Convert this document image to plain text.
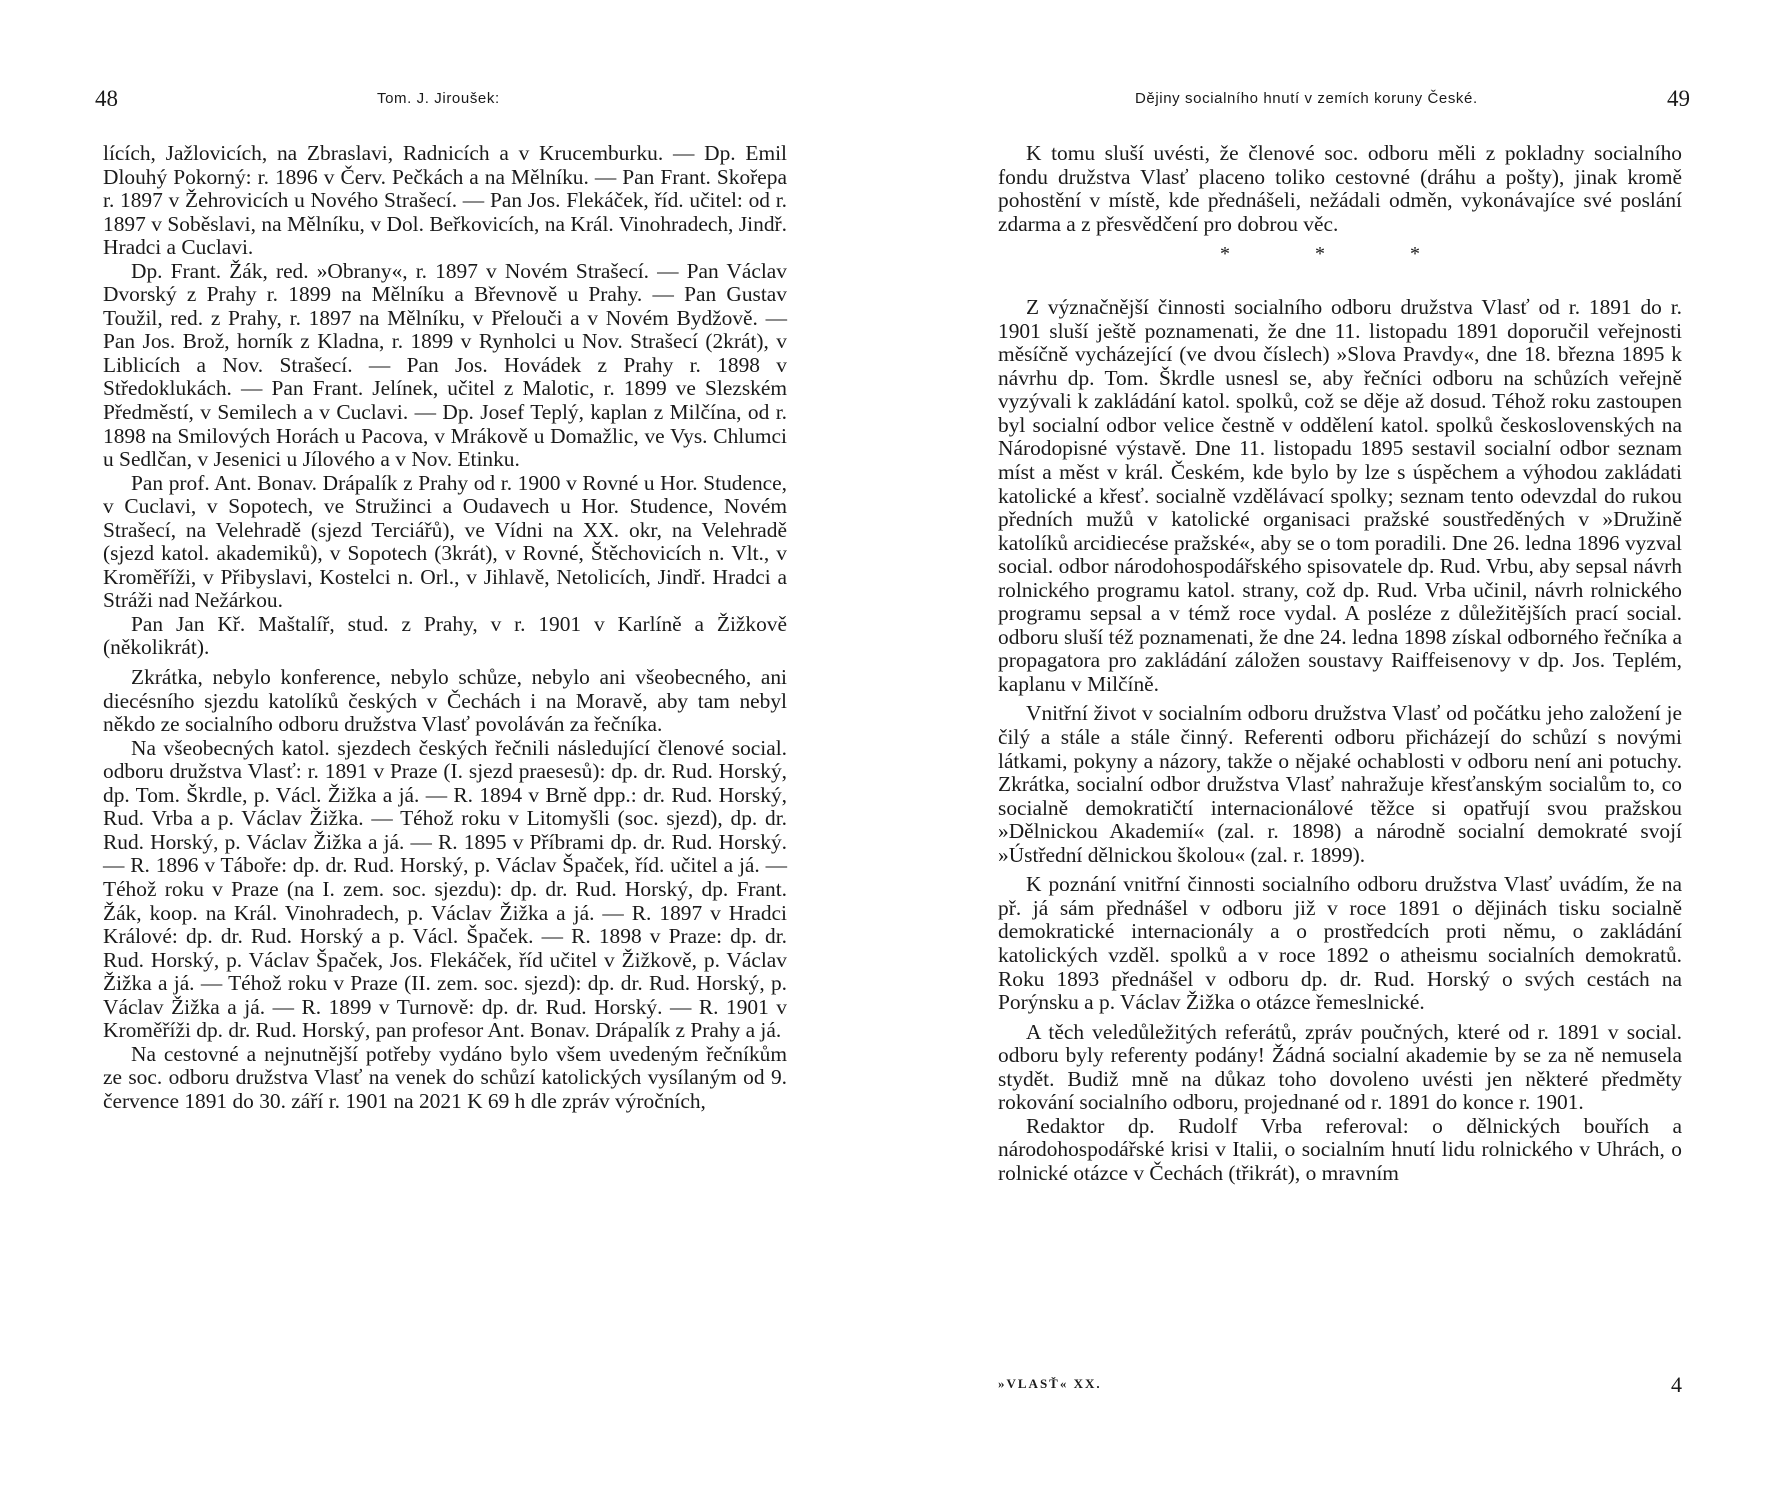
48	Tom. J. Jiroušek:

lících, Jažlovicích, na Zbraslavi, Radnicích a v Krucemburku. — Dp. Emil Dlouhý Pokorný: r. 1896 v Červ. Pečkách a na Mělníku. — Pan Frant. Skořepa r. 1897 v Žehrovicích u Nového Strašecí. — Pan Jos. Flekáček, říd. učitel: od r. 1897 v Soběslavi, na Mělníku, v Dol. Beřkovicích, na Král. Vinohradech, Jindř. Hradci a Cuclavi.

Dp. Frant. Žák, red. »Obrany«, r. 1897 v Novém Strašecí. — Pan Václav Dvorský z Prahy r. 1899 na Mělníku a Břevnově u Prahy. — Pan Gustav Toužil, red. z Prahy, r. 1897 na Mělníku, v Přelouči a v Novém Bydžově. — Pan Jos. Brož, horník z Kladna, r. 1899 v Rynholci u Nov. Strašecí (2krát), v Liblicích a Nov. Strašecí. — Pan Jos. Hovádek z Prahy r. 1898 v Středoklukách. — Pan Frant. Jelínek, učitel z Malotic, r. 1899 ve Slezském Předměstí, v Semilech a v Cuclavi. — Dp. Josef Teplý, kaplan z Milčína, od r. 1898 na Smilových Horách u Pacova, v Mrákově u Domažlic, ve Vys. Chlumci u Sedlčan, v Jesenici u Jílového a v Nov. Etinku.

Pan prof. Ant. Bonav. Drápalík z Prahy od r. 1900 v Rovné u Hor. Studence, v Cuclavi, v Sopotech, ve Stružinci a Oudavech u Hor. Studence, Novém Strašecí, na Velehradě (sjezd Terciářů), ve Vídni na XX. okr, na Velehradě (sjezd katol. akademiků), v Sopotech (3krát), v Rovné, Štěchovicích n. Vlt., v Kroměříži, v Přibyslavi, Kostelci n. Orl., v Jihlavě, Netolicích, Jindř. Hradci a Stráži nad Nežárkou.

Pan Jan Kř. Maštalíř, stud. z Prahy, v r. 1901 v Karlíně a Žižkově (několikrát).

Zkrátka, nebylo konference, nebylo schůze, nebylo ani všeobecného, ani diecésního sjezdu katolíků českých v Čechách i na Moravě, aby tam nebyl někdo ze socialního odboru družstva Vlasť povoláván za řečníka.

Na všeobecných katol. sjezdech českých řečnili následující členové social. odboru družstva Vlasť: r. 1891 v Praze (I. sjezd praesesů): dp. dr. Rud. Horský, dp. Tom. Škrdle, p. Václ. Žižka a já. — R. 1894 v Brně dpp.: dr. Rud. Horský, Rud. Vrba a p. Václav Žižka. — Téhož roku v Litomyšli (soc. sjezd), dp. dr. Rud. Horský, p. Václav Žižka a já. — R. 1895 v Příbrami dp. dr. Rud. Horský. — R. 1896 v Táboře: dp. dr. Rud. Horský, p. Václav Špaček, říd. učitel a já. — Téhož roku v Praze (na I. zem. soc. sjezdu): dp. dr. Rud. Horský, dp. Frant. Žák, koop. na Král. Vinohradech, p. Václav Žižka a já. — R. 1897 v Hradci Králové: dp. dr. Rud. Horský a p. Václ. Špaček. — R. 1898 v Praze: dp. dr. Rud. Horský, p. Václav Špaček, Jos. Flekáček, říd učitel v Žižkově, p. Václav Žižka a já. — Téhož roku v Praze (II. zem. soc. sjezd): dp. dr. Rud. Horský, p. Václav Žižka a já. — R. 1899 v Turnově: dp. dr. Rud. Horský. — R. 1901 v Kroměříži dp. dr. Rud. Horský, pan profesor Ant. Bonav. Drápalík z Prahy a já.

Na cestovné a nejnutnější potřeby vydáno bylo všem uvedeným řečníkům ze soc. odboru družstva Vlasť na venek do schůzí katolických vysílaným od 9. července 1891 do 30. září r. 1901 na 2021 K 69 h dle zpráv výročních,

Dějiny socialního hnutí v zemích koruny České.	49

K tomu sluší uvésti, že členové soc. odboru měli z pokladny socialního fondu družstva Vlasť placeno toliko cestovné (dráhu a pošty), jinak kromě pohostění v místě, kde přednášeli, nežádali odměn, vykonávajíce své poslání zdarma a z přesvědčení pro dobrou věc.

* * *

Z význačnější činnosti socialního odboru družstva Vlasť od r. 1891 do r. 1901 sluší ještě poznamenati, že dne 11. listopadu 1891 doporučil veřejnosti měsíčně vycházející (ve dvou číslech) »Slova Pravdy«, dne 18. března 1895 k návrhu dp. Tom. Škrdle usnesl se, aby řečníci odboru na schůzích veřejně vyzývali k zakládání katol. spolků, což se děje až dosud. Téhož roku zastoupen byl socialní odbor velice čestně v oddělení katol. spolků československých na Národopisné výstavě. Dne 11. listopadu 1895 sestavil socialní odbor seznam míst a měst v král. Českém, kde bylo by lze s úspěchem a výhodou zakládati katolické a křesť. socialně vzdělávací spolky; seznam tento odevzdal do rukou předních mužů v katolické organisaci pražské soustředěných v »Družině katolíků arcidiecése pražské«, aby se o tom poradili. Dne 26. ledna 1896 vyzval social. odbor národohospodářského spisovatele dp. Rud. Vrbu, aby sepsal návrh rolnického programu katol. strany, což dp. Rud. Vrba učinil, návrh rolnického programu sepsal a v témž roce vydal. A posléze z důležitějších prací social. odboru sluší též poznamenati, že dne 24. ledna 1898 získal odborného řečníka a propagatora pro zakládání záložen soustavy Raiffeisenovy v dp. Jos. Teplém, kaplanu v Milčíně.

Vnitřní život v socialním odboru družstva Vlasť od počátku jeho založení je čilý a stále a stále činný. Referenti odboru přicházejí do schůzí s novými látkami, pokyny a názory, takže o nějaké ochablosti v odboru není ani potuchy. Zkrátka, socialní odbor družstva Vlasť nahražuje křesťanským socialům to, co socialně demokratičtí internacionálové těžce si opatřují svou pražskou »Dělnickou Akademií« (zal. r. 1898) a národně socialní demokraté svojí »Ústřední dělnickou školou« (zal. r. 1899).

K poznání vnitřní činnosti socialního odboru družstva Vlasť uvádím, že na př. já sám přednášel v odboru již v roce 1891 o dějinách tisku socialně demokratické internacionály a o prostředcích proti němu, o zakládání katolických vzděl. spolků a v roce 1892 o atheismu socialních demokratů. Roku 1893 přednášel v odboru dp. dr. Rud. Horský o svých cestách na Porýnsku a p. Václav Žižka o otázce řemeslnické.

A těch veledůležitých referátů, zpráv poučných, které od r. 1891 v social. odboru byly referenty podány! Žádná socialní akademie by se za ně nemusela stydět. Budiž mně na důkaz toho dovoleno uvésti jen některé předměty rokování socialního odboru, projednané od r. 1891 do konce r. 1901.

Redaktor dp. Rudolf Vrba referoval: o dělnických bouřích a národohospodářské krisi v Italii, o socialním hnutí lidu rolnického v Uhrách, o rolnické otázce v Čechách (třikrát), o mravním

»VLASŤ« XX.	4
